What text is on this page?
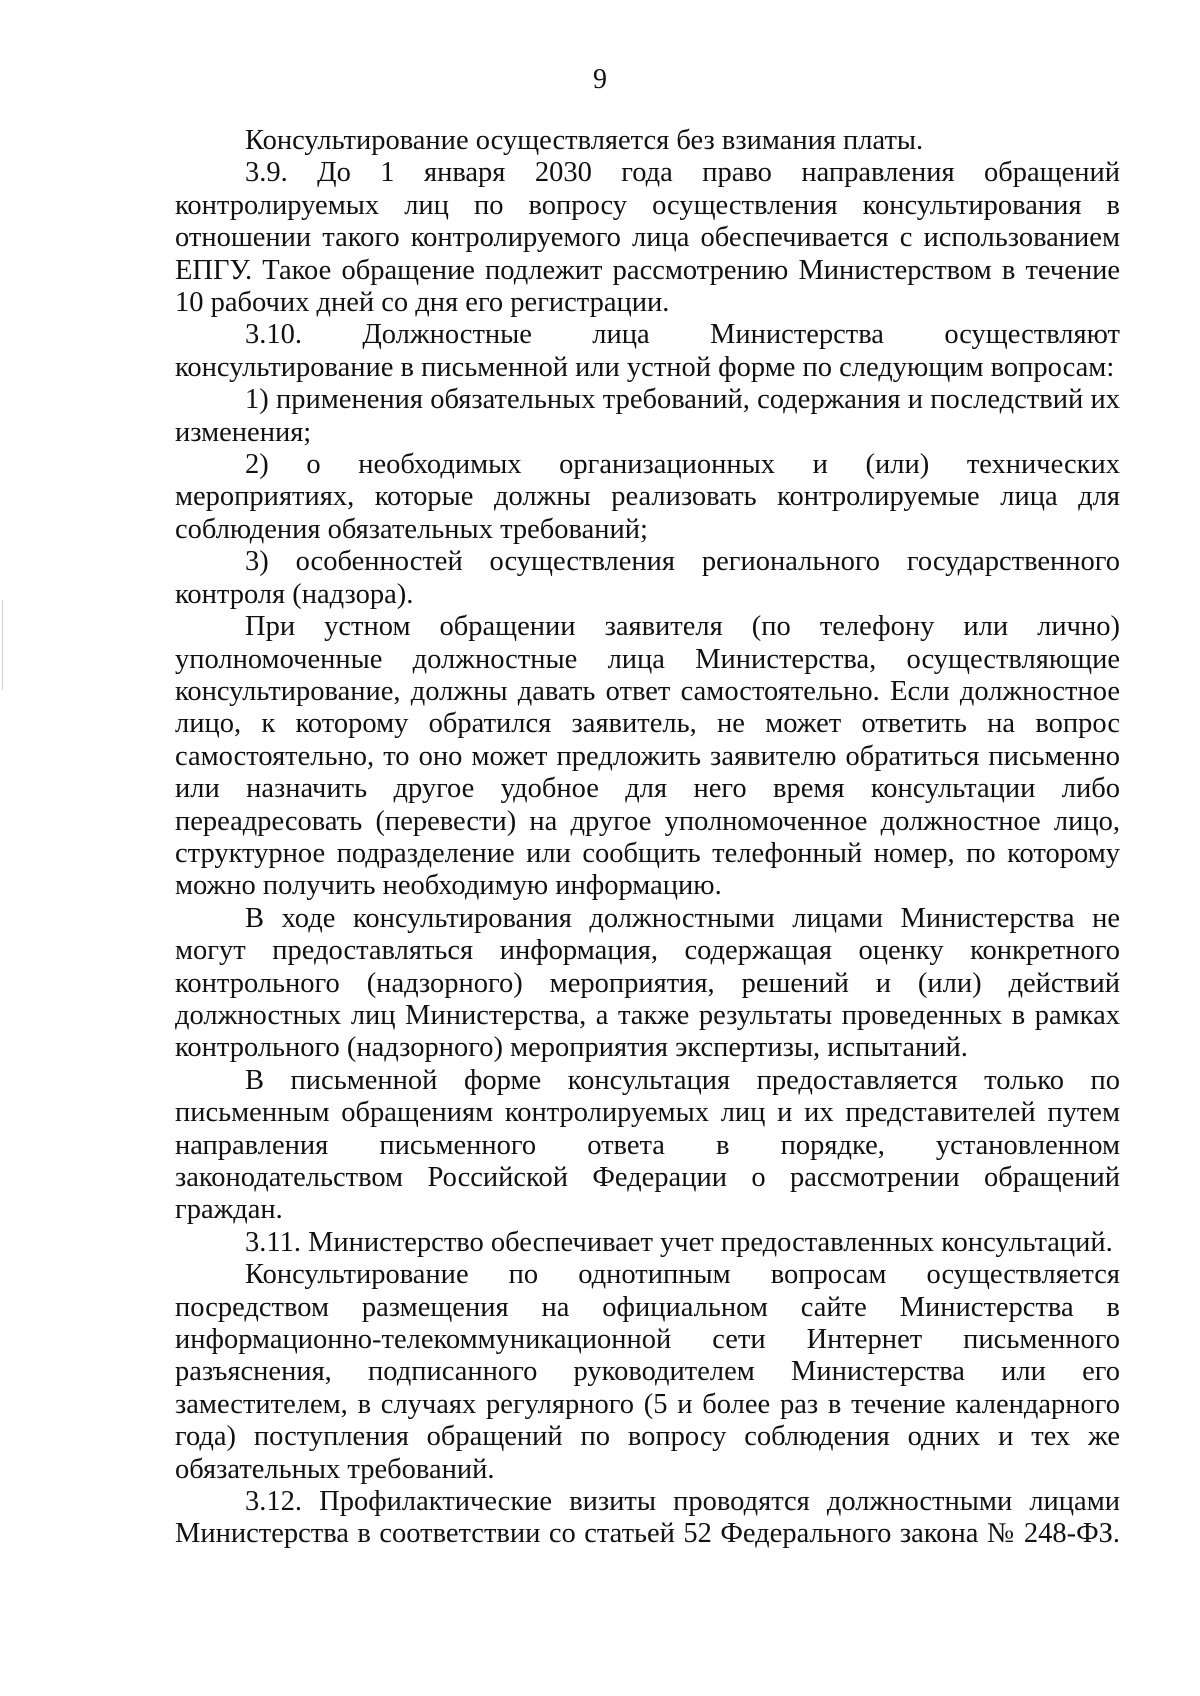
9

Консультирование осуществляется без взимания платы.

3.9. До 1 января 2030 года право направления обращений контролируемых лиц по вопросу осуществления консультирования в отношении такого контролируемого лица обеспечивается с использованием ЕПГУ. Такое обращение подлежит рассмотрению Министерством в течение 10 рабочих дней со дня его регистрации.

3.10. Должностные лица Министерства осуществляют консультирование в письменной или устной форме по следующим вопросам:

1) применения обязательных требований, содержания и последствий их изменения;

2) о необходимых организационных и (или) технических мероприятиях, которые должны реализовать контролируемые лица для соблюдения обязательных требований;

3) особенностей осуществления регионального государственного контроля (надзора).

При устном обращении заявителя (по телефону или лично) уполномоченные должностные лица Министерства, осуществляющие консультирование, должны давать ответ самостоятельно. Если должностное лицо, к которому обратился заявитель, не может ответить на вопрос самостоятельно, то оно может предложить заявителю обратиться письменно или назначить другое удобное для него время консультации либо переадресовать (перевести) на другое уполномоченное должностное лицо, структурное подразделение или сообщить телефонный номер, по которому можно получить необходимую информацию.

В ходе консультирования должностными лицами Министерства не могут предоставляться информация, содержащая оценку конкретного контрольного (надзорного) мероприятия, решений и (или) действий должностных лиц Министерства, а также результаты проведенных в рамках контрольного (надзорного) мероприятия экспертизы, испытаний.

В письменной форме консультация предоставляется только по письменным обращениям контролируемых лиц и их представителей путем направления письменного ответа в порядке, установленном законодательством Российской Федерации о рассмотрении обращений граждан.

3.11. Министерство обеспечивает учет предоставленных консультаций.

Консультирование по однотипным вопросам осуществляется посредством размещения на официальном сайте Министерства в информационно-телекоммуникационной сети Интернет письменного разъяснения, подписанного руководителем Министерства или его заместителем, в случаях регулярного (5 и более раз в течение календарного года) поступления обращений по вопросу соблюдения одних и тех же обязательных требований.

3.12. Профилактические визиты проводятся должностными лицами Министерства в соответствии со статьей 52 Федерального закона № 248-ФЗ.
